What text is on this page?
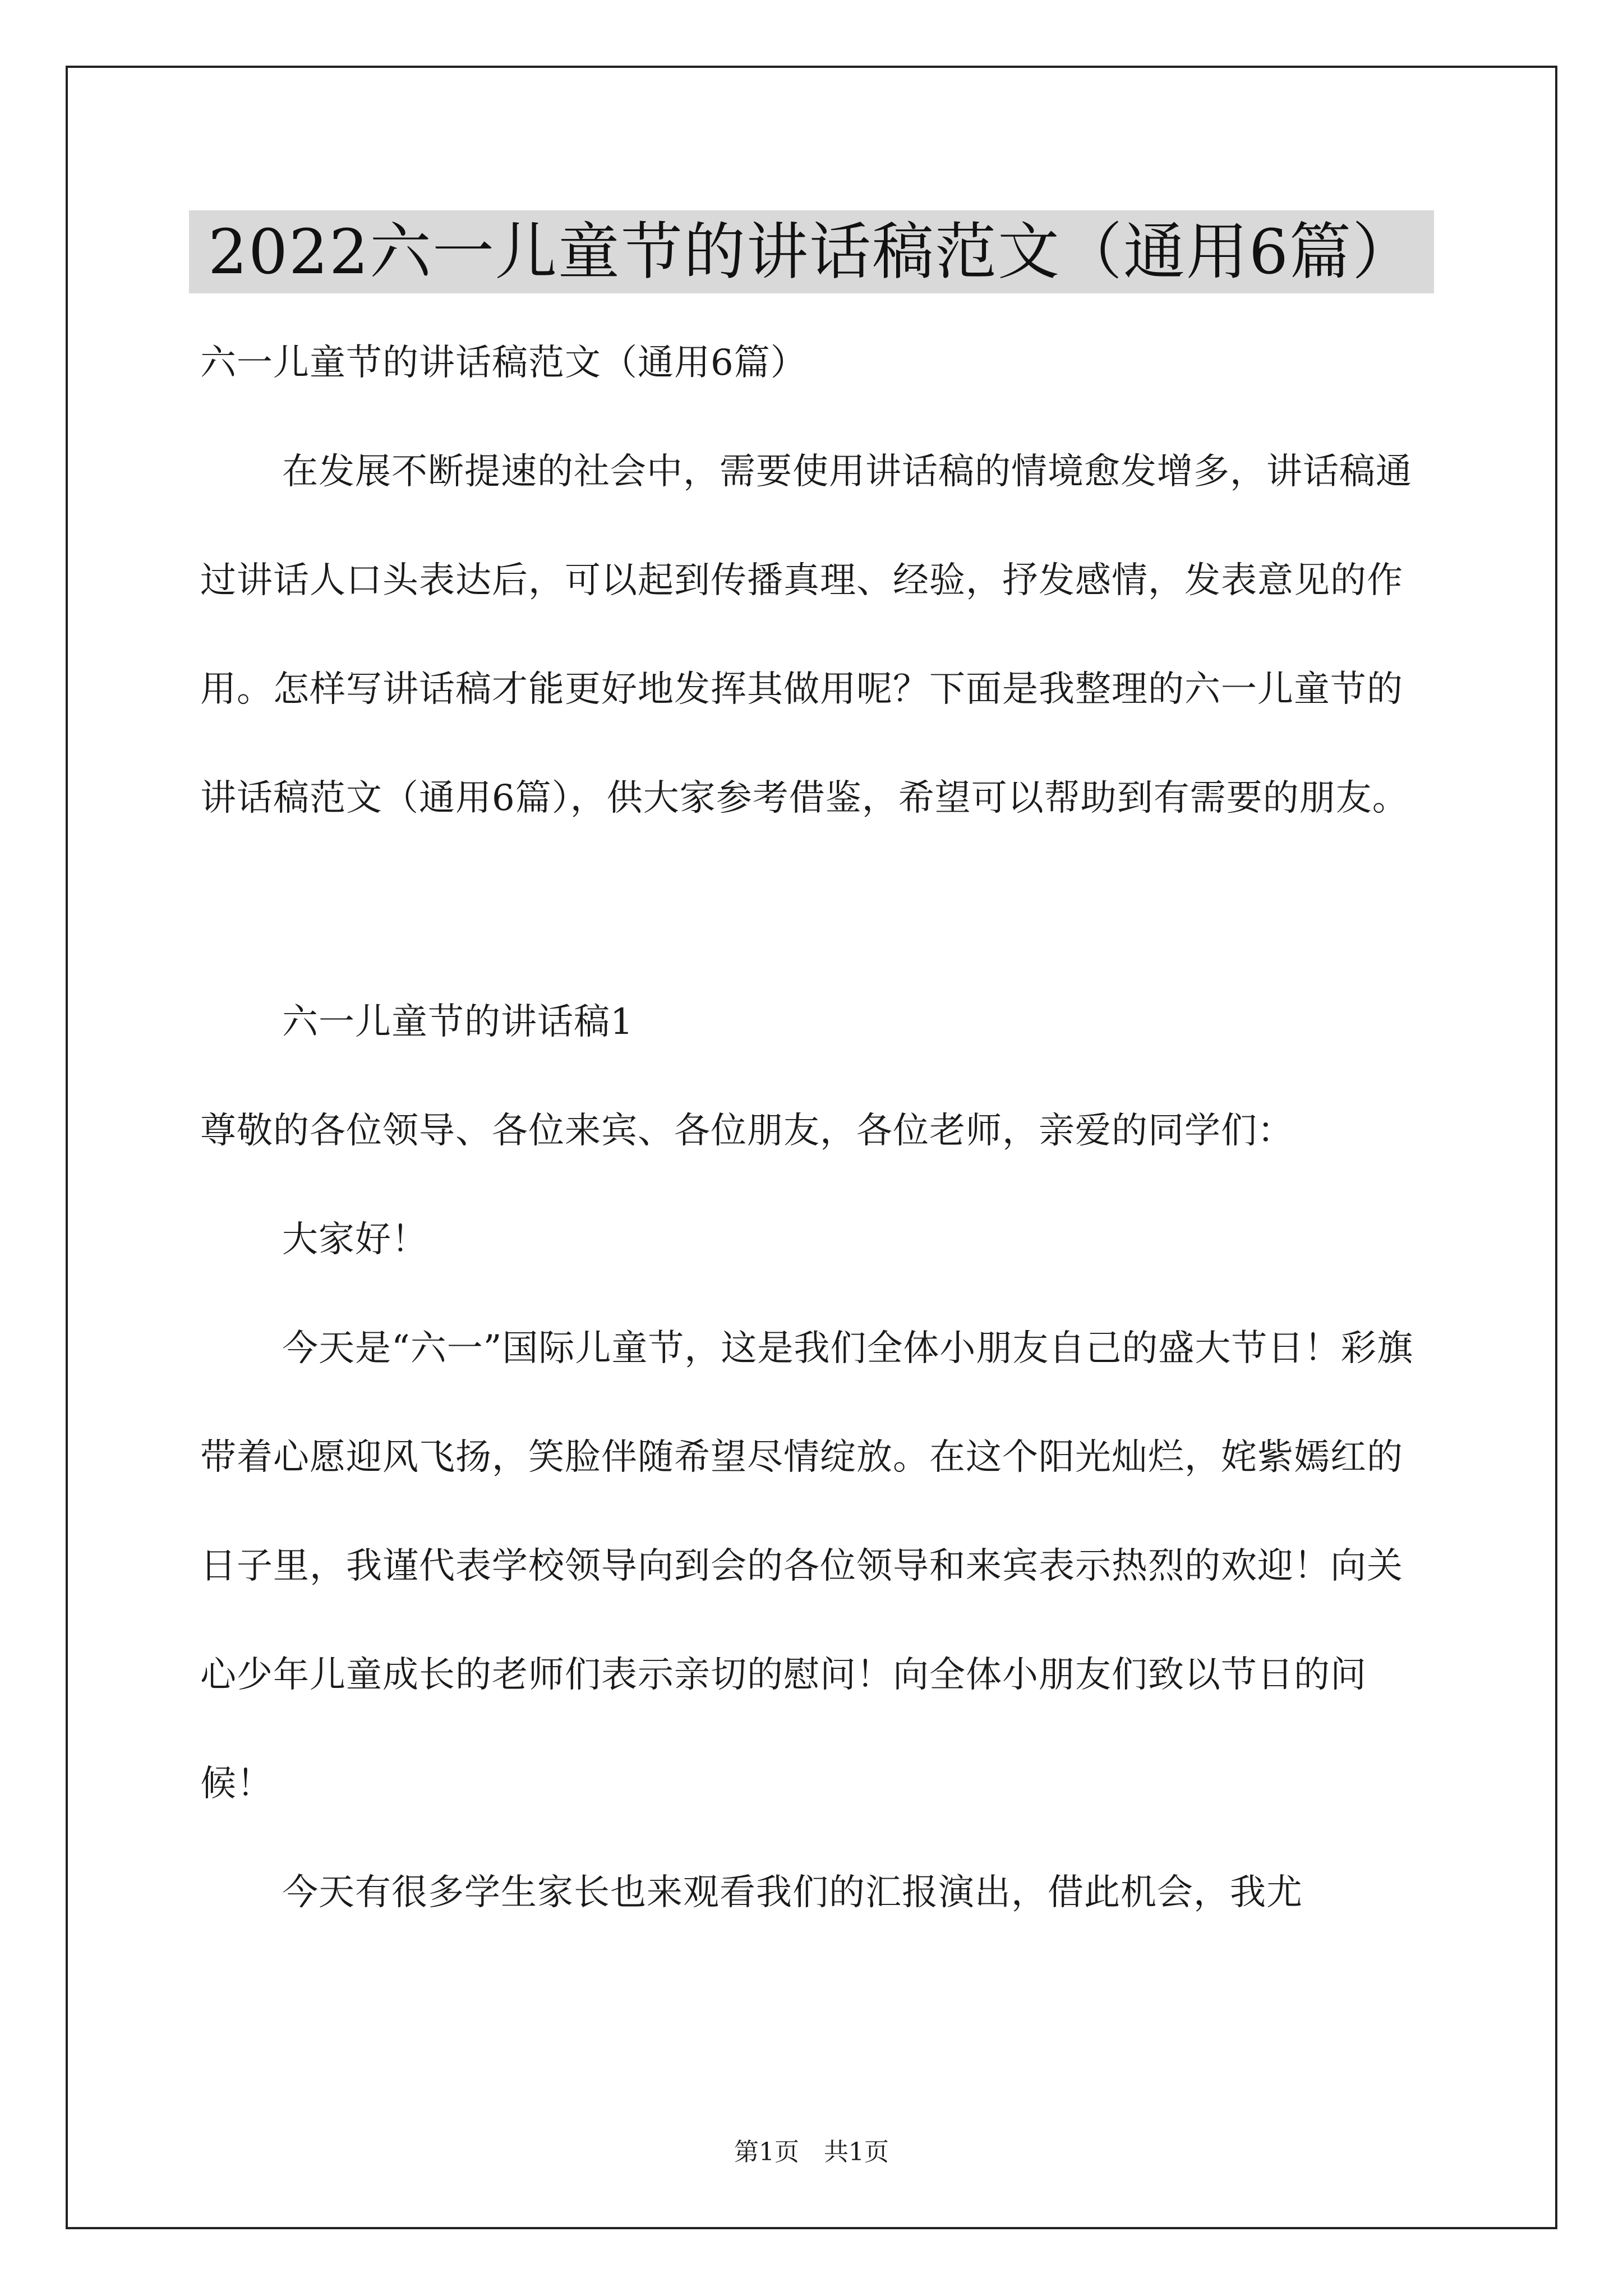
2022六一儿童节的讲话稿范文（通用6篇）

六一儿童节的讲话稿范文（通用6篇）

在发展不断提速的社会中，需要使用讲话稿的情境愈发增多，讲话稿通过讲话人口头表达后，可以起到传播真理、经验，抒发感情，发表意见的作用。怎样写讲话稿才能更好地发挥其做用呢？下面是我整理的六一儿童节的讲话稿范文（通用6篇），供大家参考借鉴，希望可以帮助到有需要的朋友。

六一儿童节的讲话稿1

尊敬的各位领导、各位来宾、各位朋友，各位老师，亲爱的同学们：

大家好！

今天是“六一”国际儿童节，这是我们全体小朋友自己的盛大节日！彩旗带着心愿迎风飞扬，笑脸伴随希望尽情绽放。在这个阳光灿烂，姹紫嫣红的日子里，我谨代表学校领导向到会的各位领导和来宾表示热烈的欢迎！向关心少年儿童成长的老师们表示亲切的慰问！向全体小朋友们致以节日的问候！

今天有很多学生家长也来观看我们的汇报演出，借此机会，我尤

第1页 共1页
